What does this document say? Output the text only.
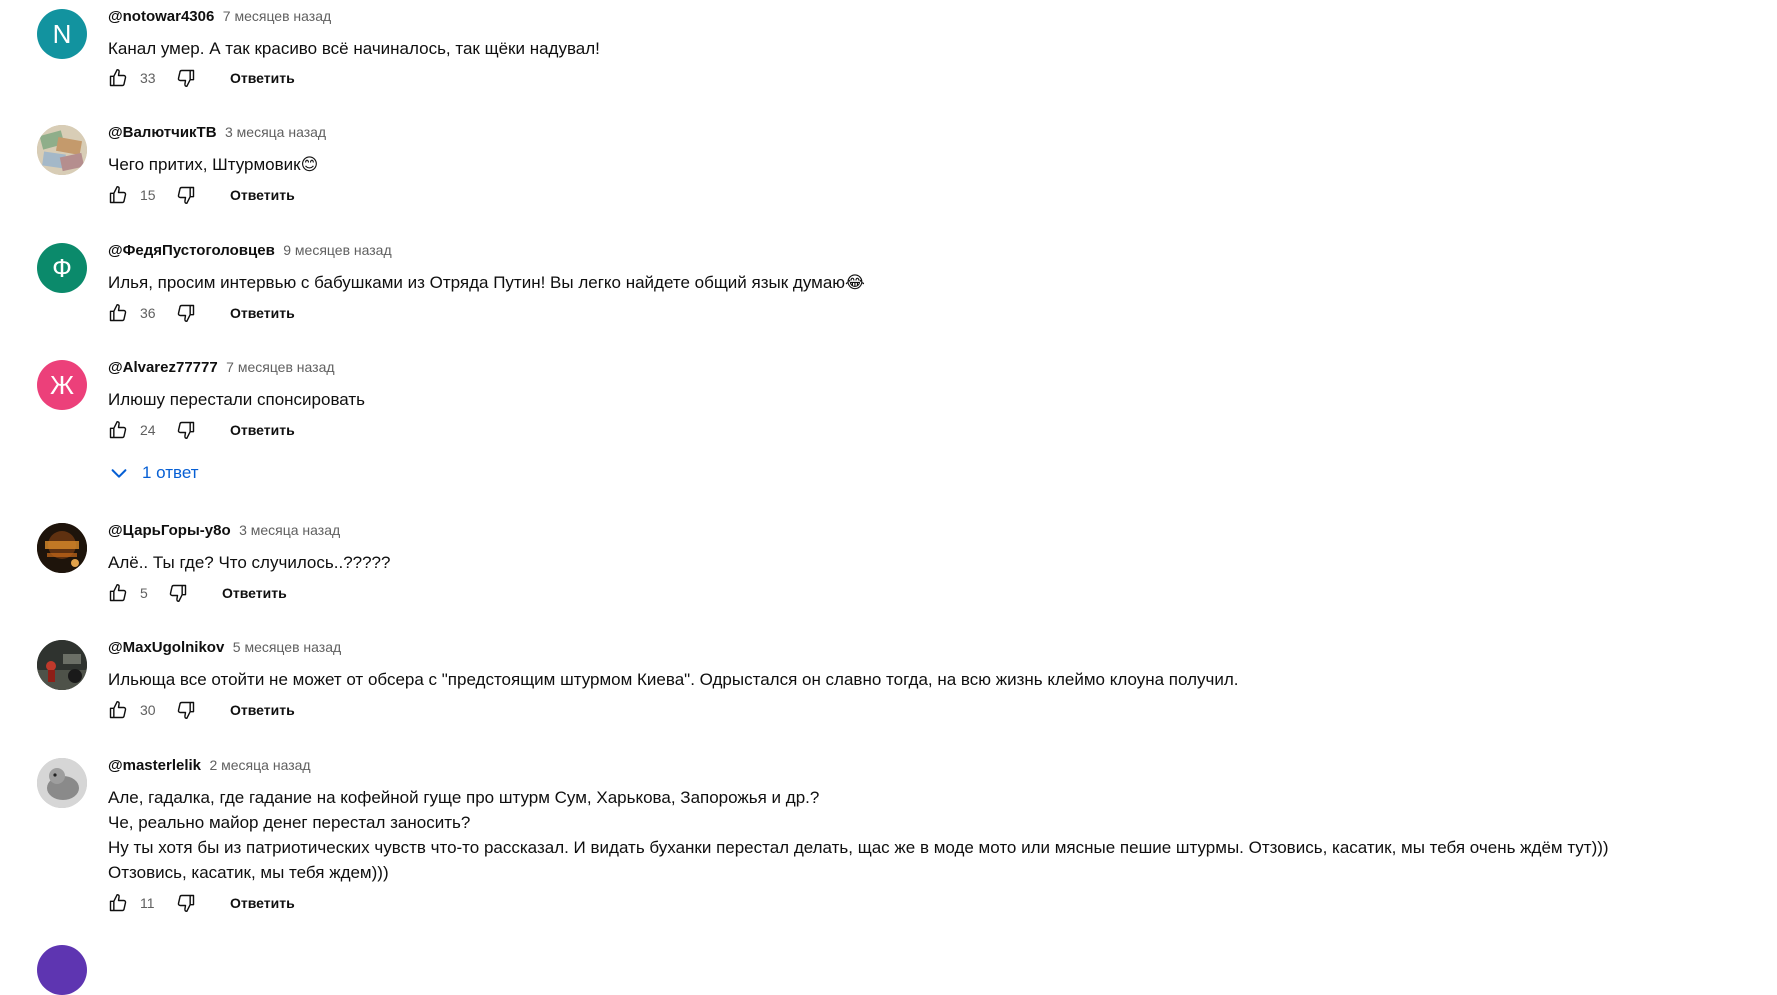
N
@notowar4306 7 месяцев назад
Канал умер. А так красиво всё начиналось, так щёки надувал!
33	Ответить
@ВалютчикТВ 3 месяца назад
Чего притих, Штурмовик😊
15	Ответить
Ф
@ФедяПустоголовцев 9 месяцев назад
Илья, просим интервью с бабушками из Отряда Путин! Вы легко найдете общий язык думаю😂
36	Ответить
Ж
@Alvarez77777 7 месяцев назад
Илюшу перестали спонсировать
24	Ответить
1 ответ
@ЦарьГоры-у8о 3 месяца назад
Алё.. Ты где? Что случилось..?????
5	Ответить
@MaxUgolnikov 5 месяцев назад
Ильюща все отойти не может от обсера с "предстоящим штурмом Киева". Одрыстался он славно тогда, на всю жизнь клеймо клоуна получил.
30	Ответить
@masterlelik 2 месяца назад
Але, гадалка, где гадание на кофейной гуще про штурм Сум, Харькова, Запорожья и др.?
Че, реально майор денег перестал заносить?
Ну ты хотя бы из патриотических чувств что-то рассказал. И видать буханки перестал делать, щас же в моде мото или мясные пешие штурмы. Отзовись, касатик, мы тебя очень ждём тут)))
Отзовись, касатик, мы тебя ждем)))
11	Ответить
